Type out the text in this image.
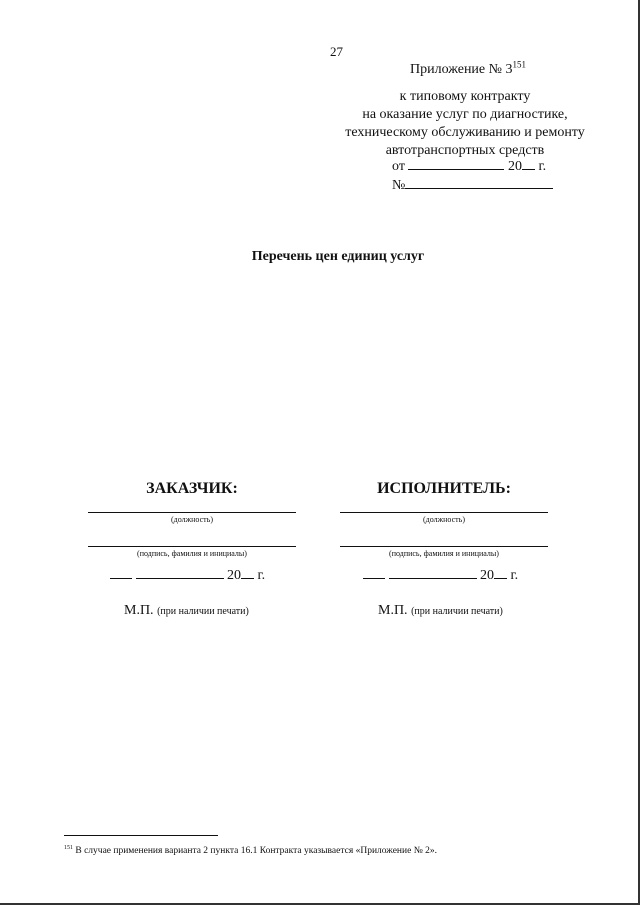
27
Приложение № $3^{151}$
к типовому контракту
на оказание услуг по диагностике,
техническому обслуживанию и ремонту
автотранспортных средств
от	20 г.
№
Перечень цен единиц услуг
ЗАКАЗЧИК:
(должность)
(подпись, фамилия и инициалы)
20 г.
М.П. (при наличии печати)
ИСПОЛНИТЕЛЬ:
(должность)
(подпись, фамилия и инициалы)
20 г.
М.П. (при наличии печати)
$^{151}$ В случае применения варианта 2 пункта 16.1 Контракта указывается «Приложение № 2».
